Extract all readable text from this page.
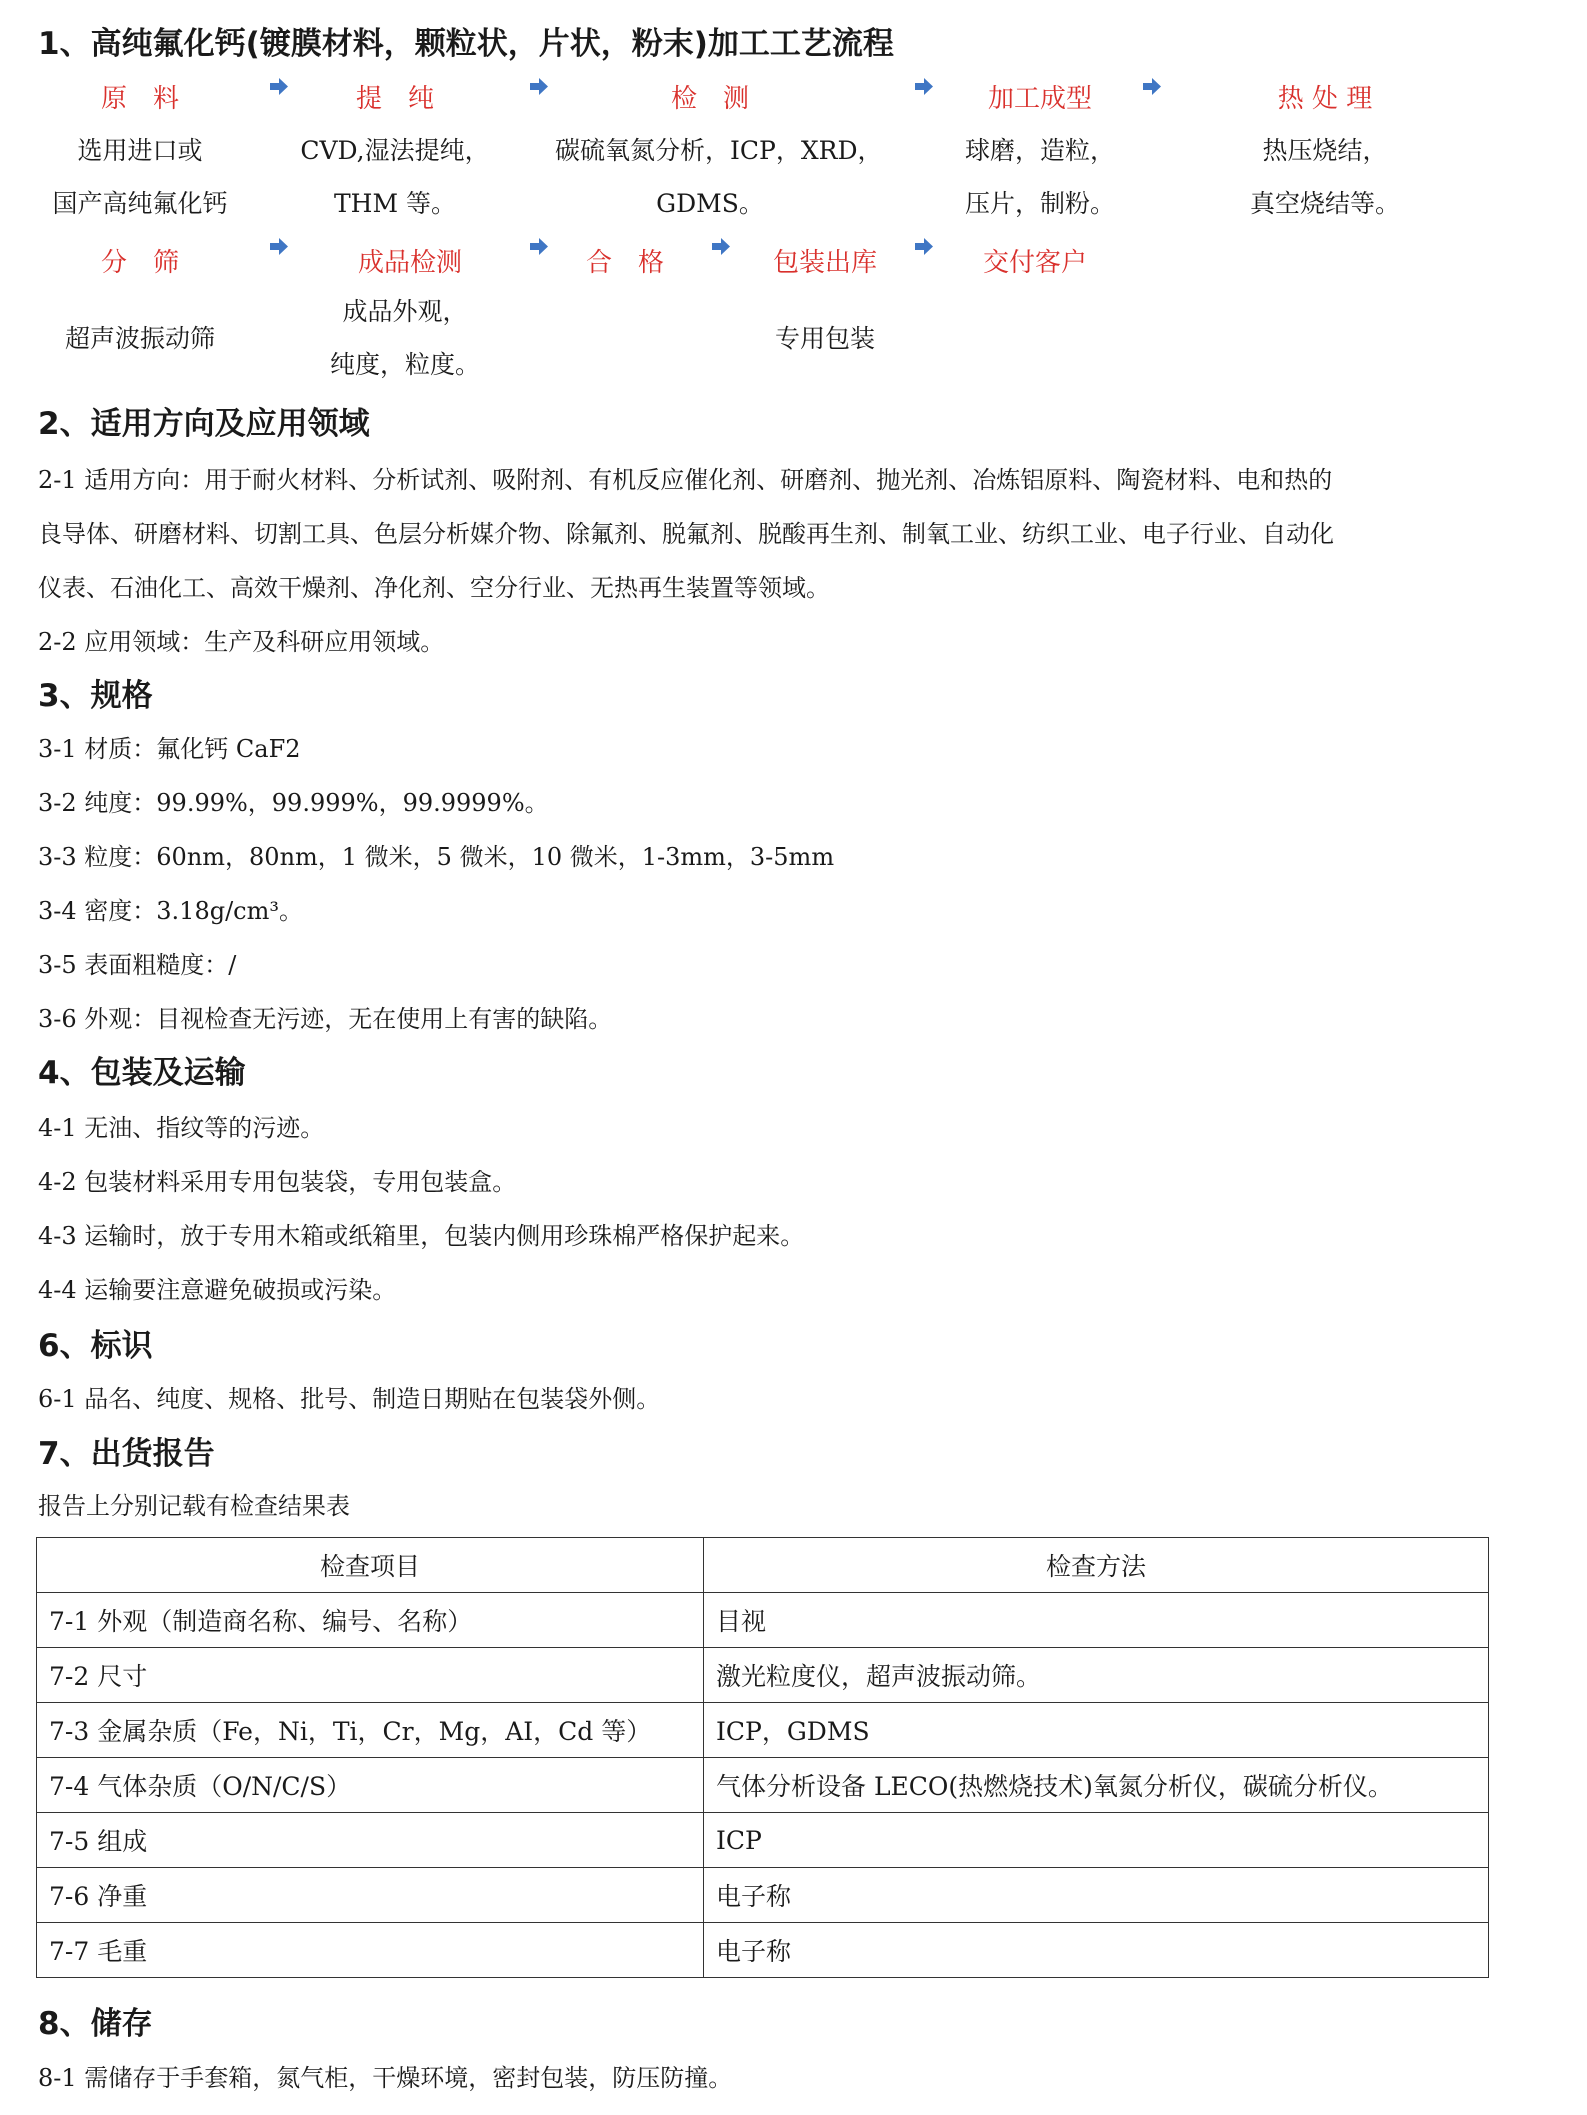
1、高纯氟化钙(镀膜材料，颗粒状，片状，粉末)加工工艺流程
原　料	提　纯	检　测	加工成型	热 处 理
选用进口或
国产高纯氟化钙
CVD,湿法提纯，
THM 等。
碳硫氧氮分析，ICP，XRD，
GDMS。
球磨，造粒，
压片，制粉。
热压烧结，
真空烧结等。
分　筛	成品检测	合　格	包装出库	交付客户
超声波振动筛
成品外观，
纯度，粒度。
专用包装
2、适用方向及应用领域
2-1 适用方向：用于耐火材料、分析试剂、吸附剂、有机反应催化剂、研磨剂、抛光剂、冶炼铝原料、陶瓷材料、电和热的
良导体、研磨材料、切割工具、色层分析媒介物、除氟剂、脱氟剂、脱酸再生剂、制氧工业、纺织工业、电子行业、自动化
仪表、石油化工、高效干燥剂、净化剂、空分行业、无热再生装置等领域。
2-2 应用领域：生产及科研应用领域。
3、规格
3-1 材质：氟化钙 CaF2
3-2 纯度：99.99%，99.999%，99.9999%。
3-3 粒度：60nm，80nm，1 微米，5 微米，10 微米，1-3mm，3-5mm
3-4 密度：3.18g/cm³。
3-5 表面粗糙度：/
3-6 外观：目视检查无污迹，无在使用上有害的缺陷。
4、包装及运输
4-1 无油、指纹等的污迹。
4-2 包装材料采用专用包装袋，专用包装盒。
4-3 运输时，放于专用木箱或纸箱里，包装内侧用珍珠棉严格保护起来。
4-4 运输要注意避免破损或污染。
6、标识
6-1 品名、纯度、规格、批号、制造日期贴在包装袋外侧。
7、出货报告
报告上分别记载有检查结果表
检查项目	检查方法
7-1 外观（制造商名称、编号、名称）	目视
7-2 尺寸	激光粒度仪，超声波振动筛。
7-3 金属杂质（Fe，Ni，Ti，Cr，Mg，AI，Cd 等）	ICP，GDMS
7-4 气体杂质（O/N/C/S）	气体分析设备 LECO(热燃烧技术)氧氮分析仪，碳硫分析仪。
7-5 组成	ICP
7-6 净重	电子称
7-7 毛重	电子称
8、储存
8-1 需储存于手套箱，氮气柜，干燥环境，密封包装，防压防撞。
